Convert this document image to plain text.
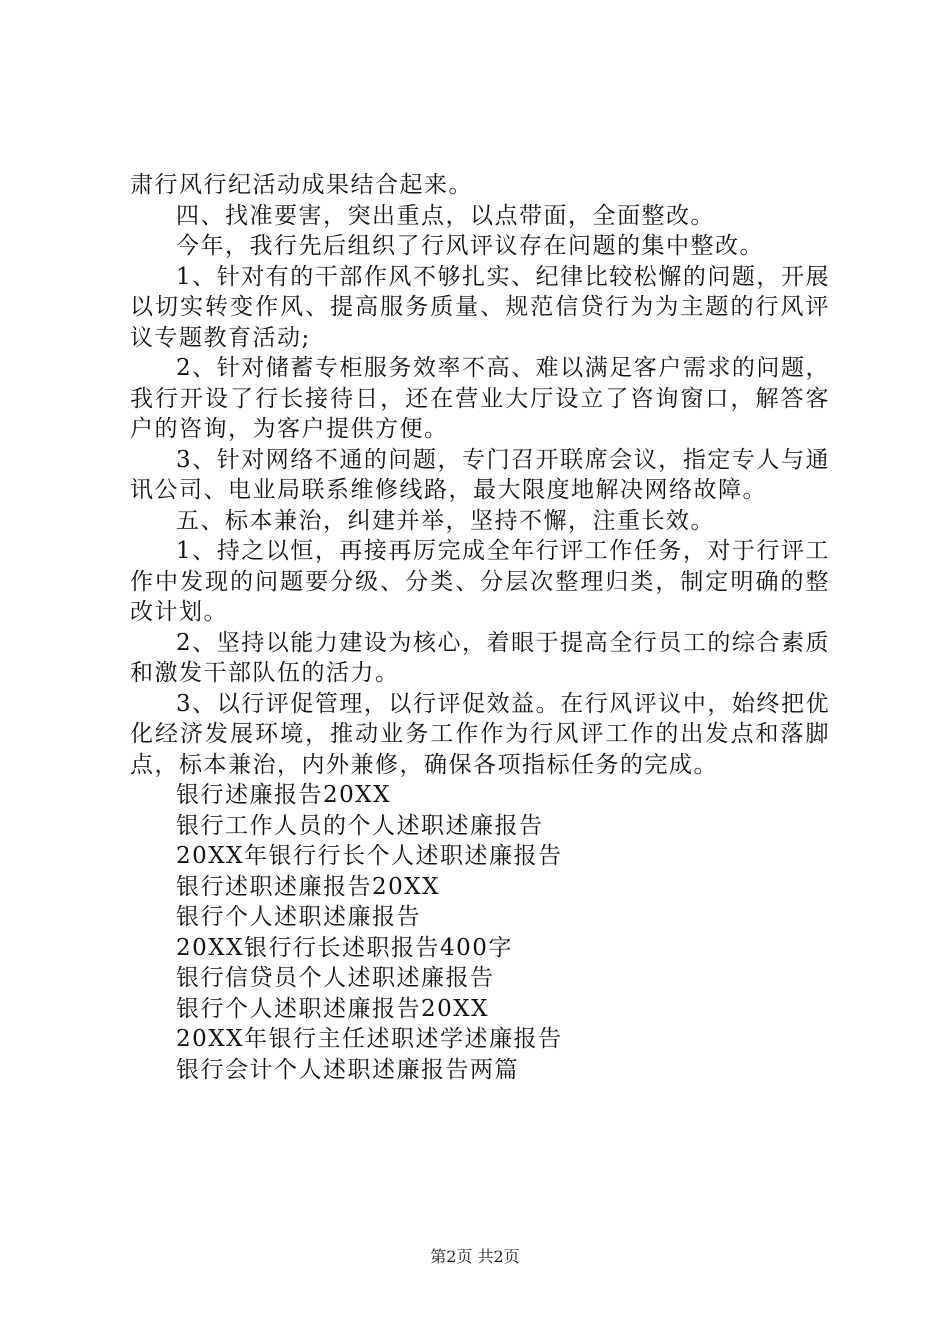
肃行风行纪活动成果结合起来。

四、找准要害，突出重点，以点带面，全面整改。

今年，我行先后组织了行风评议存在问题的集中整改。

1、针对有的干部作风不够扎实、纪律比较松懈的问题，开展以切实转变作风、提高服务质量、规范信贷行为为主题的行风评议专题教育活动;

2、针对储蓄专柜服务效率不高、难以满足客户需求的问题，我行开设了行长接待日，还在营业大厅设立了咨询窗口，解答客户的咨询，为客户提供方便。

3、针对网络不通的问题，专门召开联席会议，指定专人与通讯公司、电业局联系维修线路，最大限度地解决网络故障。

五、标本兼治，纠建并举，坚持不懈，注重长效。

1、持之以恒，再接再厉完成全年行评工作任务，对于行评工作中发现的问题要分级、分类、分层次整理归类，制定明确的整改计划。

2、坚持以能力建设为核心，着眼于提高全行员工的综合素质和激发干部队伍的活力。

3、以行评促管理，以行评促效益。在行风评议中，始终把优化经济发展环境，推动业务工作作为行风评工作的出发点和落脚点，标本兼治，内外兼修，确保各项指标任务的完成。

银行述廉报告20XX
银行工作人员的个人述职述廉报告
20XX年银行行长个人述职述廉报告
银行述职述廉报告20XX
银行个人述职述廉报告
20XX银行行长述职报告400字
银行信贷员个人述职述廉报告
银行个人述职述廉报告20XX
20XX年银行主任述职述学述廉报告
银行会计个人述职述廉报告两篇
第2页 共2页
